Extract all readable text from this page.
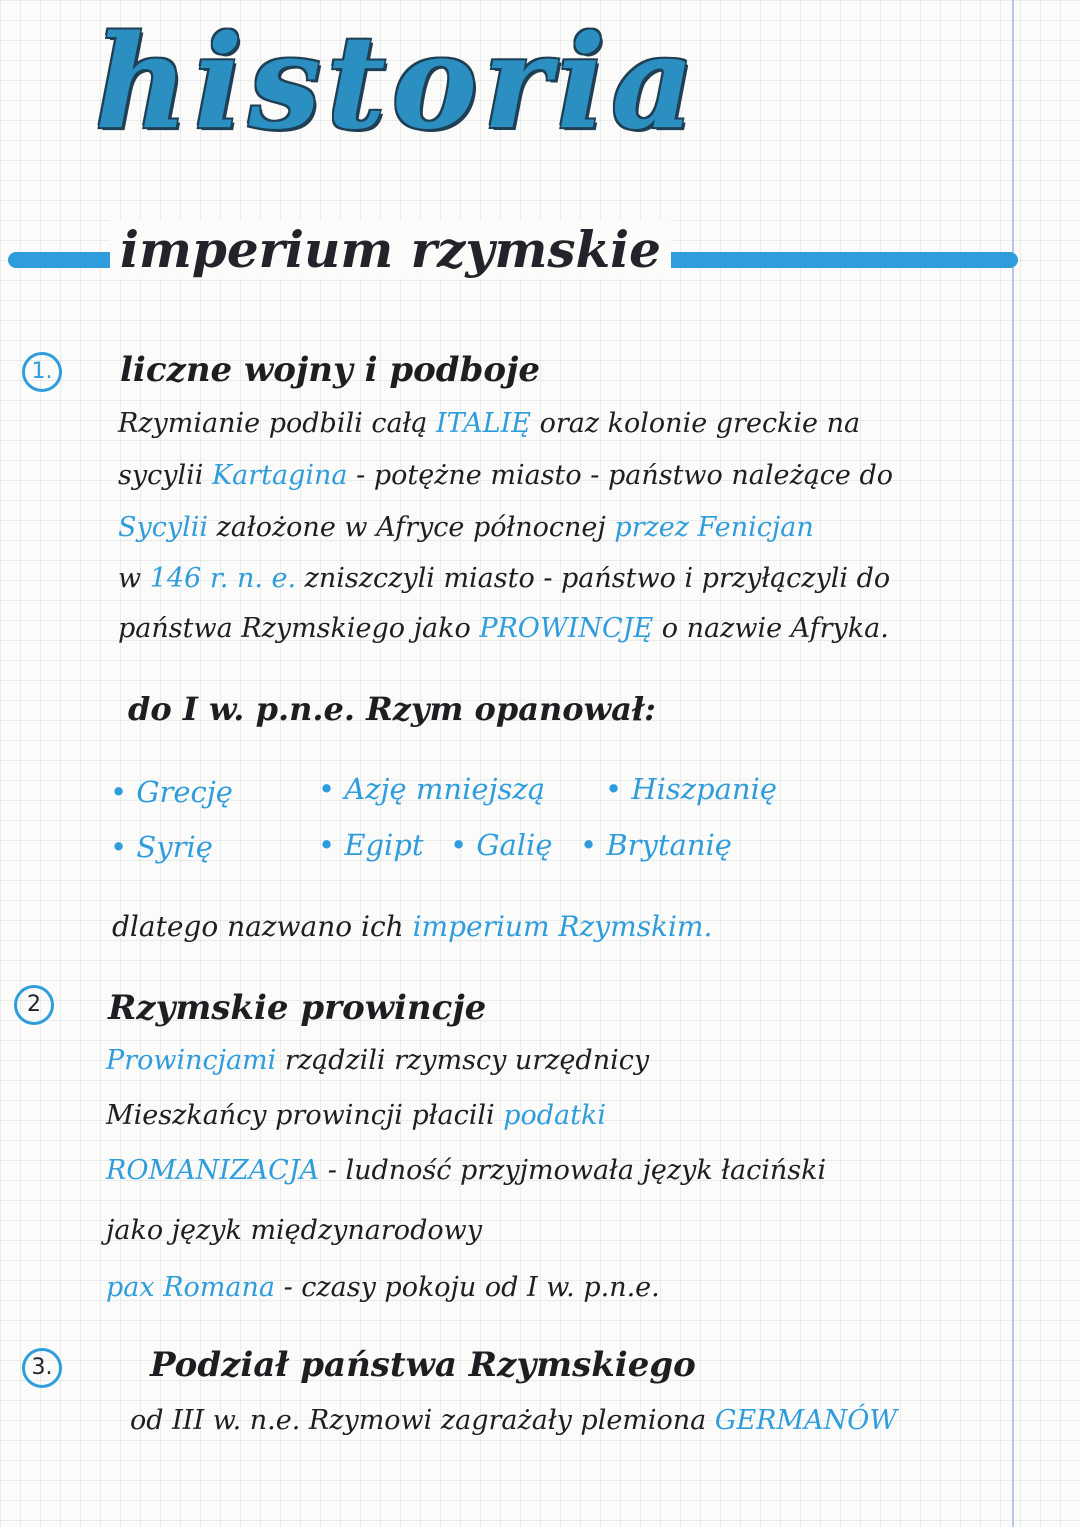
historia
imperium rzymskie
1. liczne wojny i podboje
Rzymianie podbili całą ITALIĘ oraz kolonie greckie na
sycylii Kartagina - potężne miasto - państwo należące do
Sycylii założone w Afryce północnej przez Fenicjan
w 146 r. n. e. zniszczyli miasto - państwo i przyłączyli do
państwa Rzymskiego jako PROWINCJĘ o nazwie Afryka.
do I w. p.n.e. Rzym opanował:
• Grecję	• Azję mniejszą • Hiszpanię
• Syrię	• Egipt • Galię • Brytanię
dlatego nazwano ich imperium Rzymskim.
2	Rzymskie prowincje
Prowincjami rządzili rzymscy urzędnicy
Mieszkańcy prowincji płacili podatki
ROMANIZACJA - ludność przyjmowała język łaciński
jako język międzynarodowy
pax Romana - czasy pokoju od I w. p.n.e.
3.	Podział państwa Rzymskiego
od III w. n.e. Rzymowi zagrażały plemiona GERMANÓW
